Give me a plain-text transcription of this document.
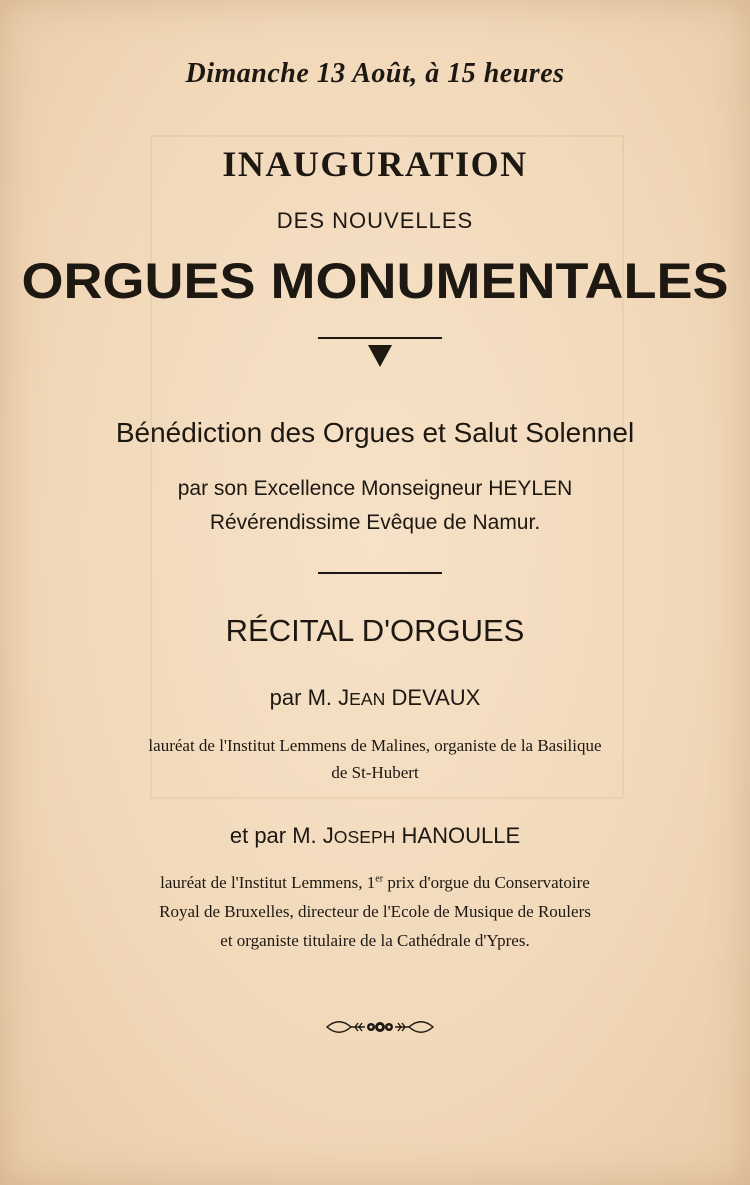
Dimanche 13 Août, à 15 heures

INAUGURATION

DES NOUVELLES

ORGUES MONUMENTALES

Bénédiction des Orgues et Salut Solennel

par son Excellence Monseigneur HEYLEN

Révérendissime Evêque de Namur.

RÉCITAL D'ORGUES

par M. JEAN DEVAUX

lauréat de l'Institut Lemmens de Malines, organiste de la Basilique

de St-Hubert

et par M. JOSEPH HANOULLE

lauréat de l'Institut Lemmens, 1er prix d'orgue du Conservatoire

Royal de Bruxelles, directeur de l'Ecole de Musique de Roulers

et organiste titulaire de la Cathédrale d'Ypres.
